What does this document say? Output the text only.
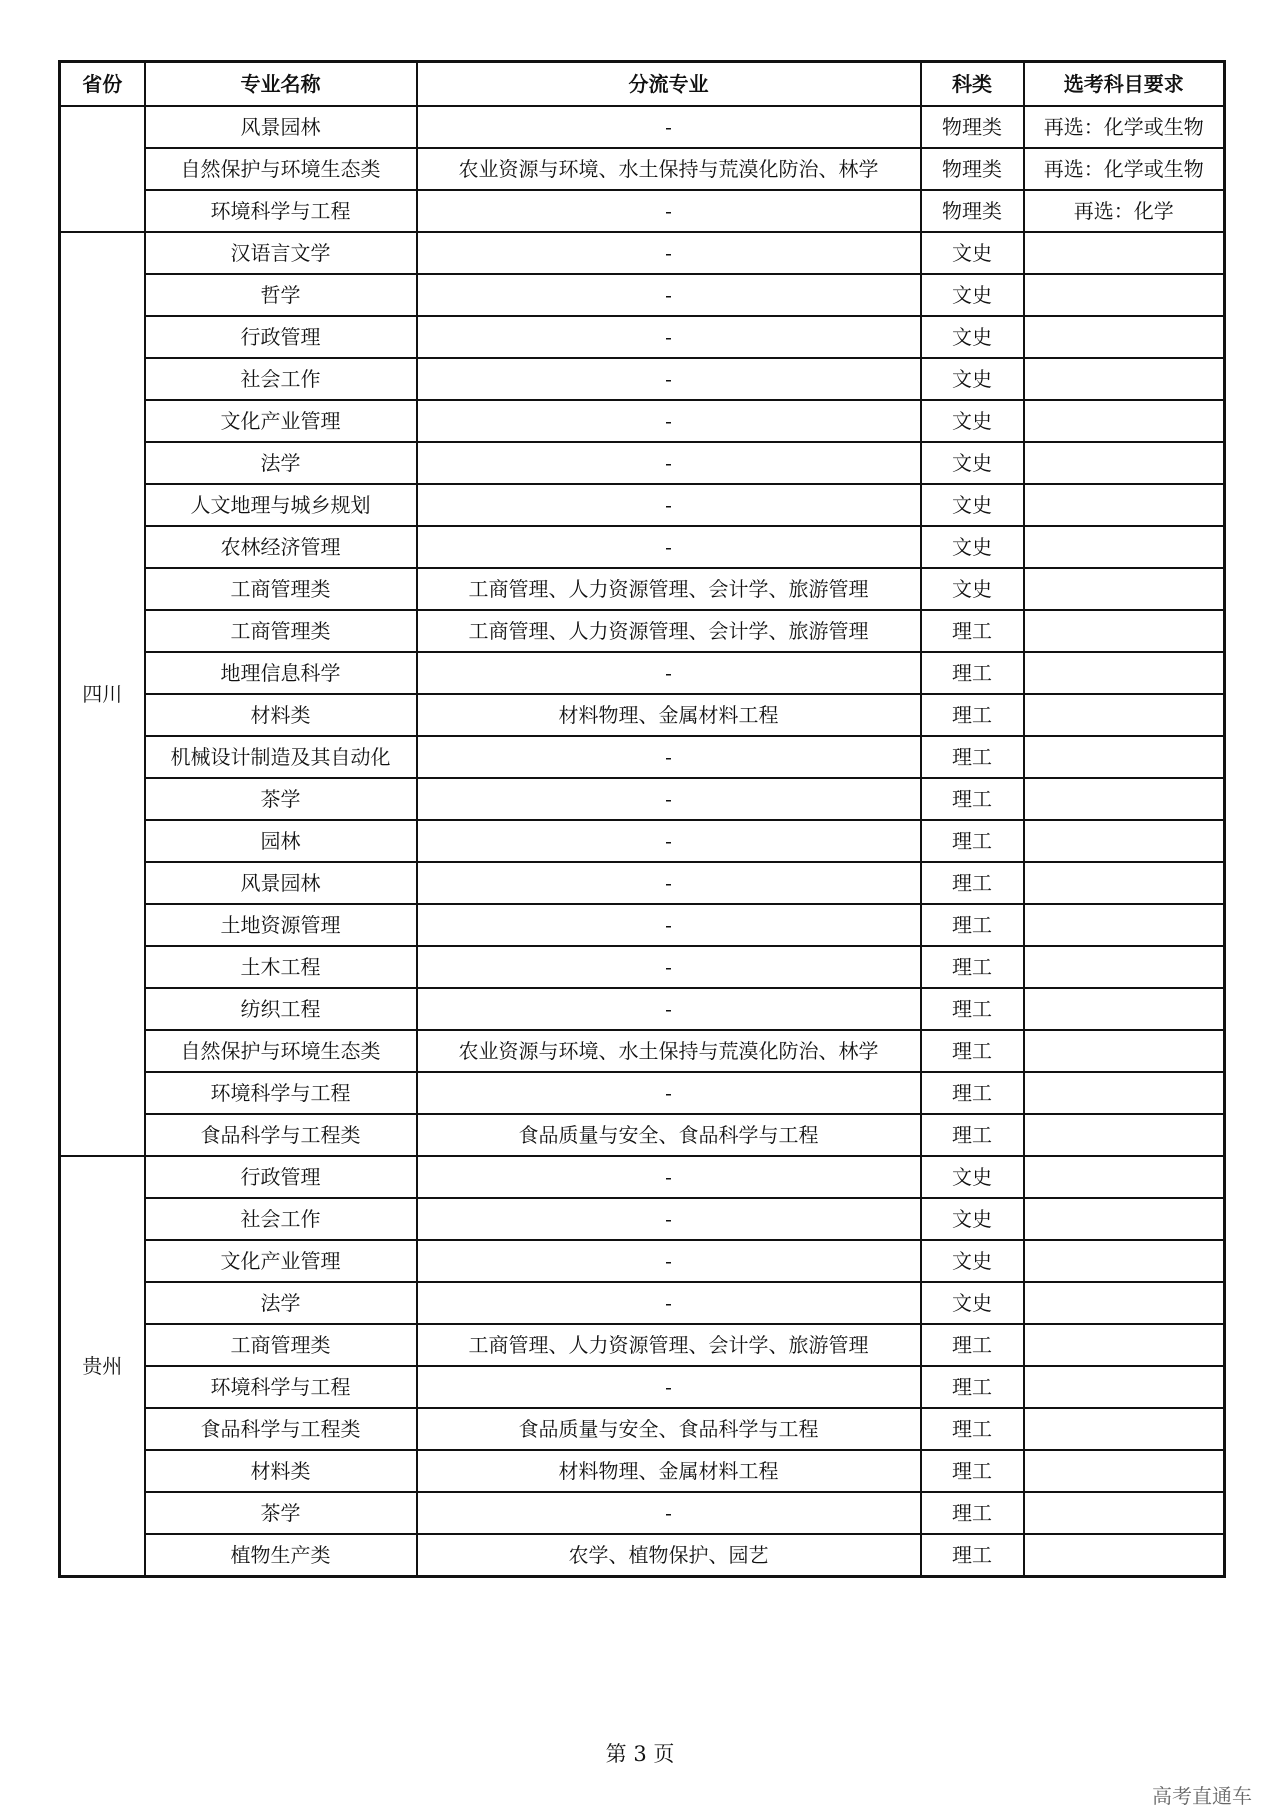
省份	专业名称	分流专业	科类	选考科目要求
	风景园林	-	物理类	再选：化学或生物
	自然保护与环境生态类	农业资源与环境、水土保持与荒漠化防治、林学	物理类	再选：化学或生物
	环境科学与工程	-	物理类	再选：化学
四川	汉语言文学	-	文史	
	哲学	-	文史	
	行政管理	-	文史	
	社会工作	-	文史	
	文化产业管理	-	文史	
	法学	-	文史	
	人文地理与城乡规划	-	文史	
	农林经济管理	-	文史	
	工商管理类	工商管理、人力资源管理、会计学、旅游管理	文史	
	工商管理类	工商管理、人力资源管理、会计学、旅游管理	理工	
	地理信息科学	-	理工	
	材料类	材料物理、金属材料工程	理工	
	机械设计制造及其自动化	-	理工	
	茶学	-	理工	
	园林	-	理工	
	风景园林	-	理工	
	土地资源管理	-	理工	
	土木工程	-	理工	
	纺织工程	-	理工	
	自然保护与环境生态类	农业资源与环境、水土保持与荒漠化防治、林学	理工	
	环境科学与工程	-	理工	
	食品科学与工程类	食品质量与安全、食品科学与工程	理工	
贵州	行政管理	-	文史	
	社会工作	-	文史	
	文化产业管理	-	文史	
	法学	-	文史	
	工商管理类	工商管理、人力资源管理、会计学、旅游管理	理工	
	环境科学与工程	-	理工	
	食品科学与工程类	食品质量与安全、食品科学与工程	理工	
	材料类	材料物理、金属材料工程	理工	
	茶学	-	理工	
	植物生产类	农学、植物保护、园艺	理工	
第 3 页
高考直通车
